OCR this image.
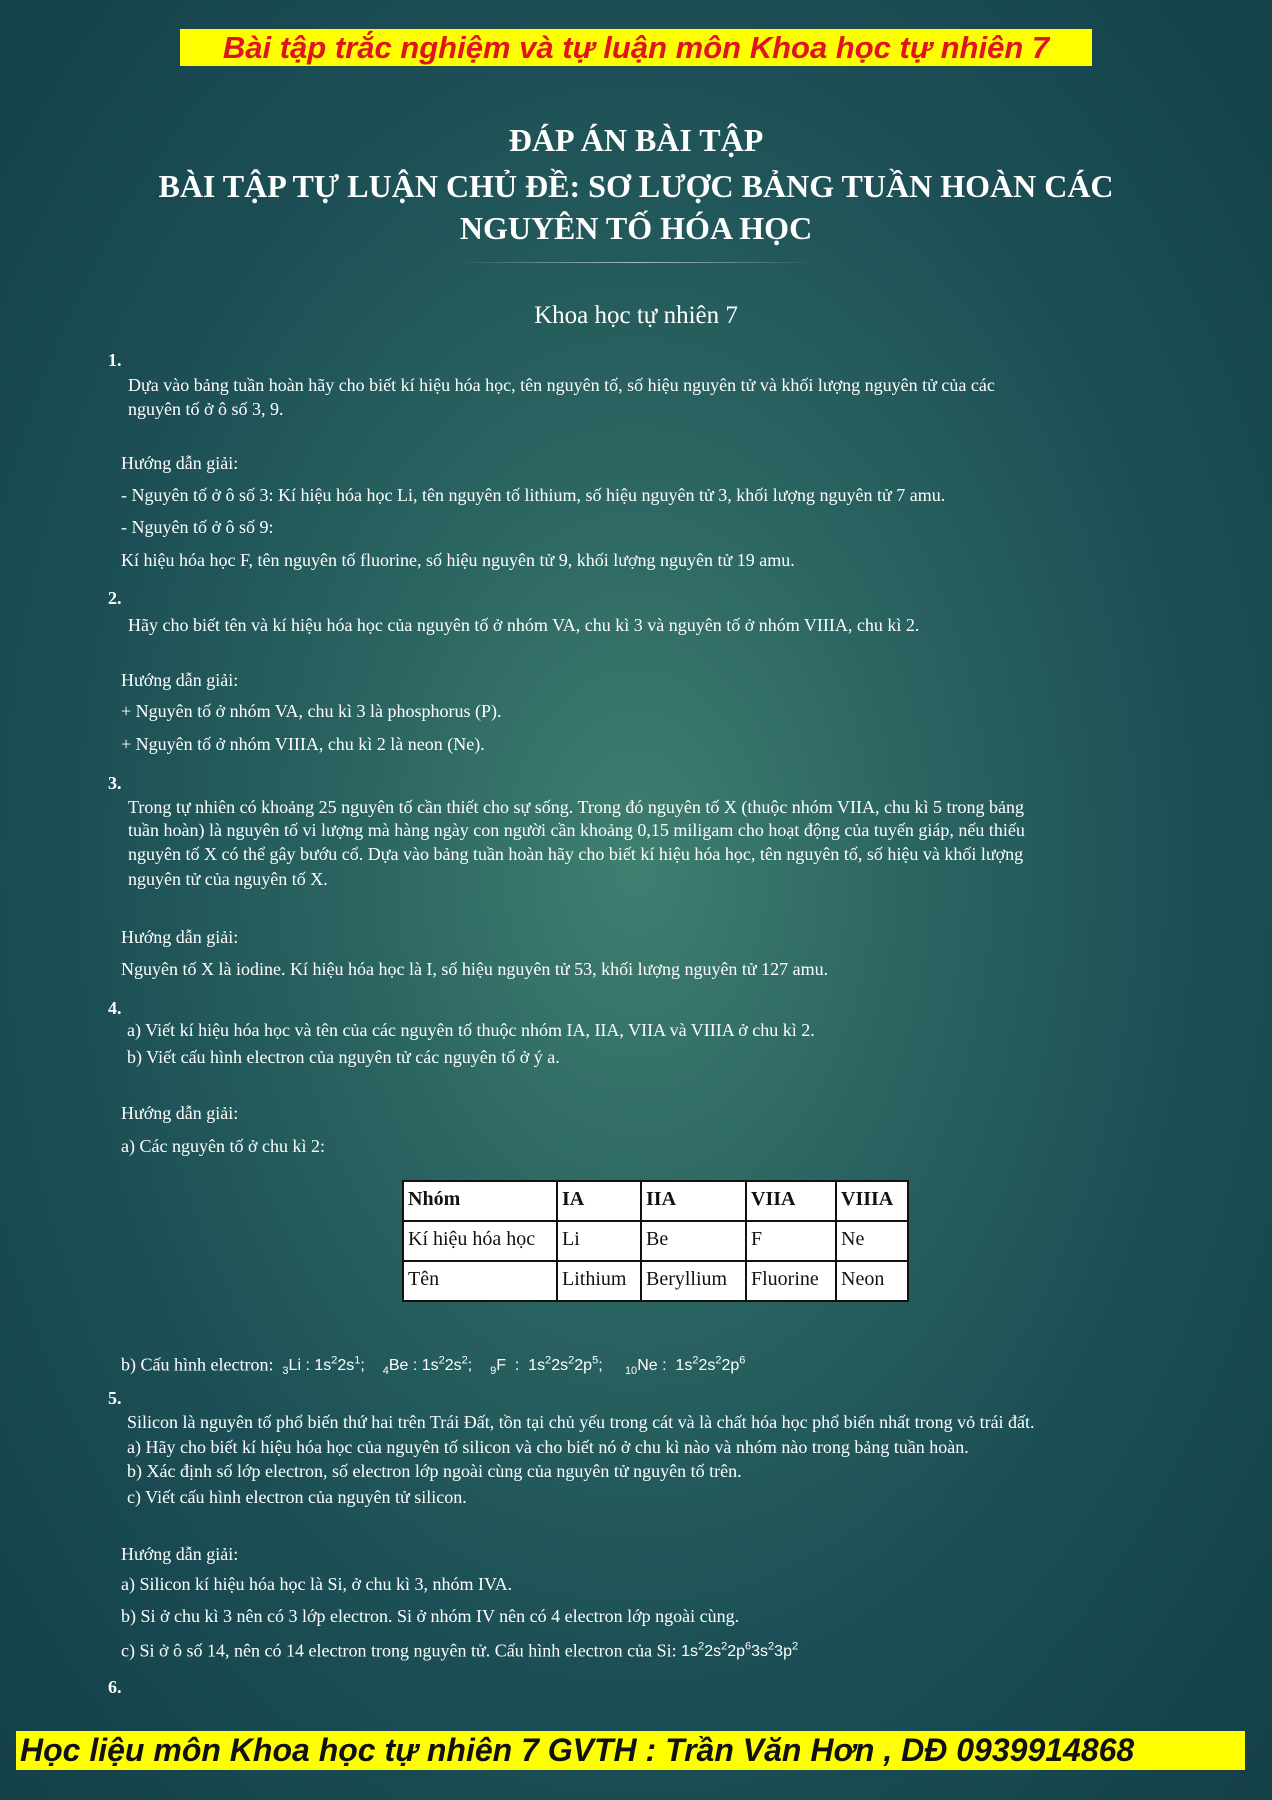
Bài tập trắc nghiệm và tự luận môn Khoa học tự nhiên 7
ĐÁP ÁN BÀI TẬP
BÀI TẬP TỰ LUẬN CHỦ ĐỀ: SƠ LƯỢC BẢNG TUẦN HOÀN CÁC
NGUYÊN TỐ HÓA HỌC
Khoa học tự nhiên 7
1.
Dựa vào bảng tuần hoàn hãy cho biết kí hiệu hóa học, tên nguyên tố, số hiệu nguyên tử và khối lượng nguyên tử của các
nguyên tố ở ô số 3, 9.
Hướng dẫn giải:
- Nguyên tố ở ô số 3: Kí hiệu hóa học Li, tên nguyên tố lithium, số hiệu nguyên tử 3, khối lượng nguyên tử 7 amu.
- Nguyên tố ở ô số 9:
Kí hiệu hóa học F, tên nguyên tố fluorine, số hiệu nguyên tử 9, khối lượng nguyên tử 19 amu.
2.
Hãy cho biết tên và kí hiệu hóa học của nguyên tố ở nhóm VA, chu kì 3 và nguyên tố ở nhóm VIIIA, chu kì 2.
Hướng dẫn giải:
+ Nguyên tố ở nhóm VA, chu kì 3 là phosphorus (P).
+ Nguyên tố ở nhóm VIIIA, chu kì 2 là neon (Ne).
3.
Trong tự nhiên có khoảng 25 nguyên tố cần thiết cho sự sống. Trong đó nguyên tố X (thuộc nhóm VIIA, chu kì 5 trong bảng
tuần hoàn) là nguyên tố vi lượng mà hàng ngày con người cần khoảng 0,15 miligam cho hoạt động của tuyến giáp, nếu thiếu
nguyên tố X có thể gây bướu cổ. Dựa vào bảng tuần hoàn hãy cho biết kí hiệu hóa học, tên nguyên tố, số hiệu và khối lượng
nguyên tử của nguyên tố X.
Hướng dẫn giải:
Nguyên tố X là iodine. Kí hiệu hóa học là I, số hiệu nguyên tử 53, khối lượng nguyên tử 127 amu.
4.
a) Viết kí hiệu hóa học và tên của các nguyên tố thuộc nhóm IA, IIA, VIIA và VIIIA ở chu kì 2.
b) Viết cấu hình electron của nguyên tử các nguyên tố ở ý a.
Hướng dẫn giải:
a) Các nguyên tố ở chu kì 2:
Nhóm	IA	IIA	VIIA	VIIIA
Kí hiệu hóa học	Li	Be	F	Ne
Tên	Lithium	Beryllium	Fluorine	Neon
b) Cấu hình electron: $_3$Li : $1s^22s^1$;    $_4$Be : $1s^22s^2$;    $_9$F  :  $1s^22s^22p^5$;     $_{10}$Ne :  $1s^22s^22p^6$
5.
Silicon là nguyên tố phổ biến thứ hai trên Trái Đất, tồn tại chủ yếu trong cát và là chất hóa học phổ biến nhất trong vỏ trái đất.
a) Hãy cho biết kí hiệu hóa học của nguyên tố silicon và cho biết nó ở chu kì nào và nhóm nào trong bảng tuần hoàn.
b) Xác định số lớp electron, số electron lớp ngoài cùng của nguyên tử nguyên tố trên.
c) Viết cấu hình electron của nguyên tử silicon.
Hướng dẫn giải:
a) Silicon kí hiệu hóa học là Si, ở chu kì 3, nhóm IVA.
b) Si ở chu kì 3 nên có 3 lớp electron. Si ở nhóm IV nên có 4 electron lớp ngoài cùng.
c) Si ở ô số 14, nên có 14 electron trong nguyên tử. Cấu hình electron của Si: $1s^22s^22p^63s^23p^2$
6.
Học liệu môn Khoa học tự nhiên 7 GVTH : Trần Văn Hơn , DĐ 0939914868
